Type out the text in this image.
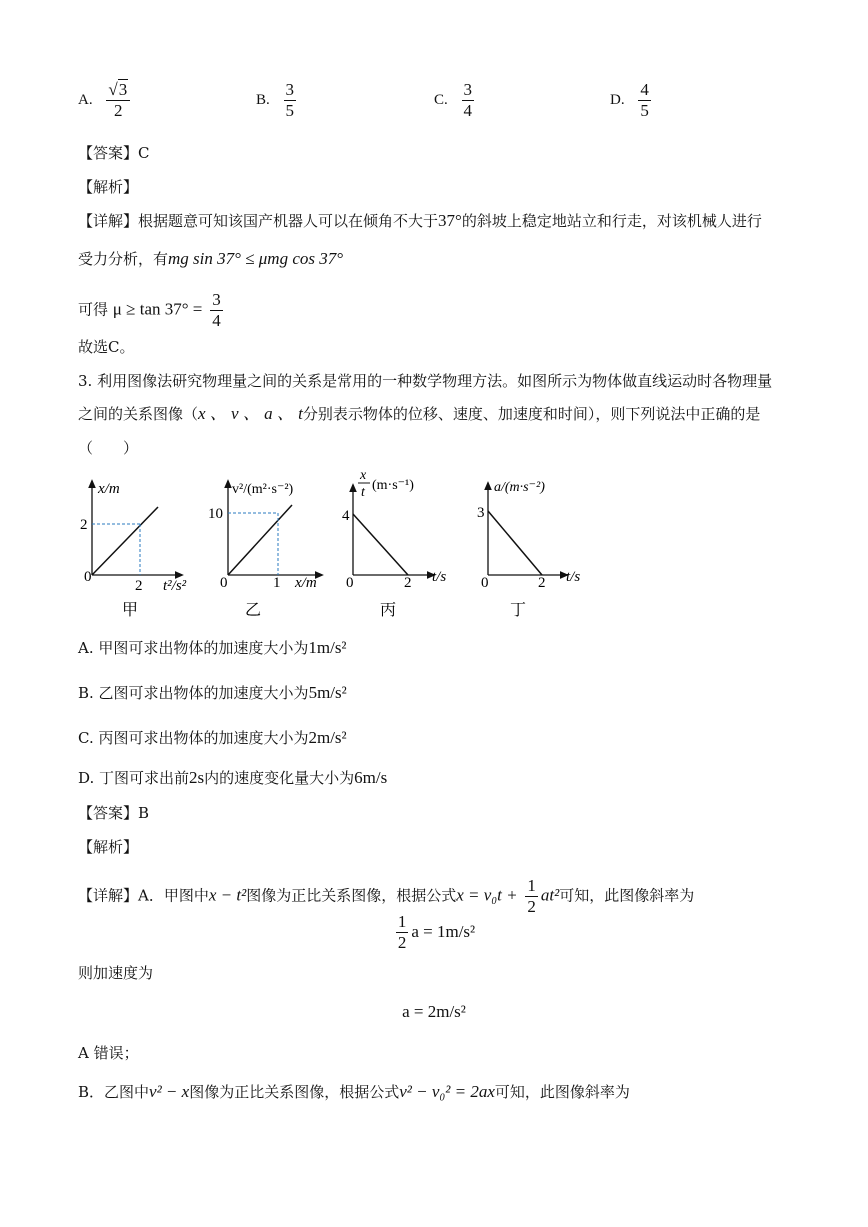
A. $\frac{√3}{2}$	B. $\frac{3}{5}$	C. $\frac{3}{4}$	D. $\frac{4}{5}$
【答案】C
【解析】
【详解】根据题意可知该国产机器人可以在倾角不大于37°的斜坡上稳定地站立和行走，对该机械人进行
受力分析，有mg sin 37° ≤ μmg cos 37°
可得 $\mu \ge \tan 37^\circ = \frac{3}{4}$
故选C。
3. 利用图像法研究物理量之间的关系是常用的一种数学物理方法。如图所示为物体做直线运动时各物理量
之间的关系图像（x 、 v 、 a 、 t分别表示物体的位移、速度、加速度和时间），则下列说法中正确的是
（　　）
x/m
2
0
2 t²/s²
甲
v²/(m²·s⁻²)
10
0	1 x/m
乙
x
t (m·s⁻¹)
4
0	2 t/s
丙
a/(m·s⁻²)
3
0	2 t/s
丁
A. 甲图可求出物体的加速度大小为1m/s²
B. 乙图可求出物体的加速度大小为5m/s²
C. 丙图可求出物体的加速度大小为2m/s²
D. 丁图可求出前2s内的速度变化量大小为6m/s
【答案】B
【解析】
【详解】A．甲图中x − t²图像为正比关系图像，根据公式$x = v_0t + \frac{1}{2} at^2$可知，此图像斜率为
$\frac{1}{2}$ a = 1m/s²
则加速度为
a = 2m/s²
A 错误；
B．乙图中v² − x图像为正比关系图像，根据公式v² − v₀² = 2ax可知，此图像斜率为
